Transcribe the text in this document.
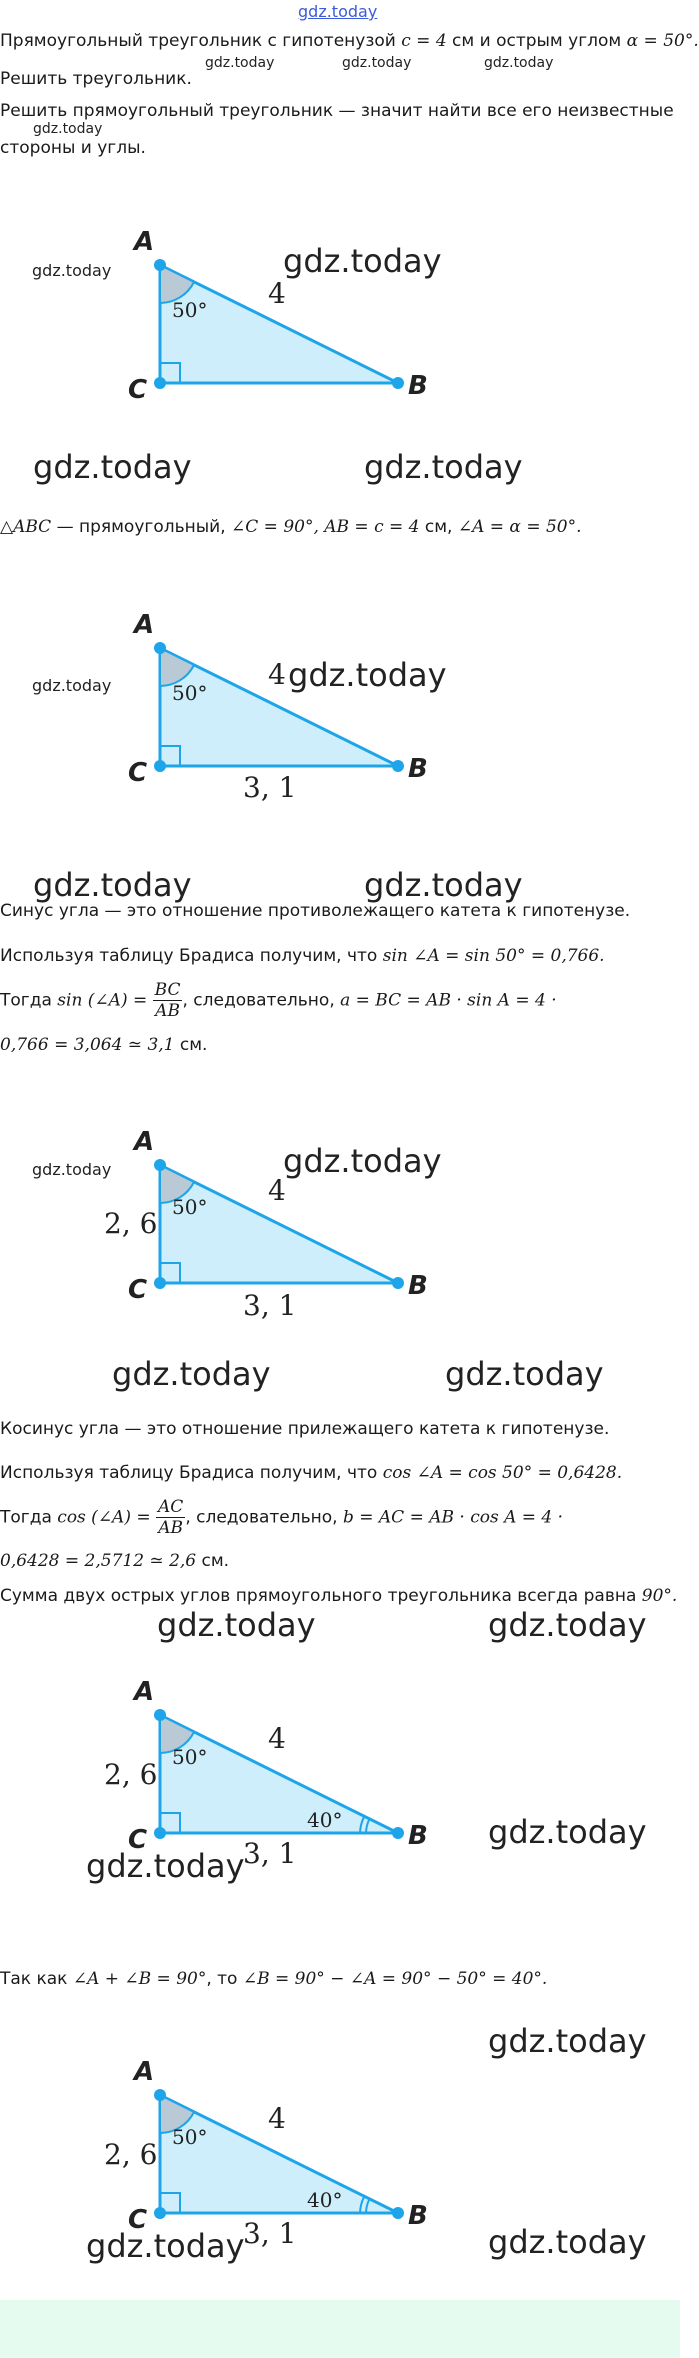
gdz.today
Прямоугольный треугольник с гипотенузой c = 4 см и острым углом α = 50°.
gdz.today	gdz.today	gdz.today
Решить треугольник.
Решить прямоугольный треугольник — значит найти все его неизвестные
gdz.today
стороны и углы.
A
C	B
4
50°
gdz.today	gdz.today
gdz.today	gdz.today
△ABC — прямоугольный, ∠C = 90°, AB = c = 4 см, ∠A = α = 50°.
A
C	B
4
50°
3, 1
gdz.today	gdz.today
gdz.today	gdz.today
Синус угла — это отношение противолежащего катета к гипотенузе.
Используя таблицу Брадиса получим, что sin ∠A = sin 50° = 0,766.
Тогда sin (∠A) = $\frac{BC}{AB}$ , следовательно, a = BC = AB · sin A = 4 ·
0,766 = 3,064 ≃ 3,1 см.
A
C	B
4
50°
3, 1
2, 6
gdz.today	gdz.today
gdz.today	gdz.today
Косинус угла — это отношение прилежащего катета к гипотенузе.
Используя таблицу Брадиса получим, что cos ∠A = cos 50° = 0,6428.
Тогда cos (∠A) = $\frac{AC}{AB}$ , следовательно, b = AC = AB · cos A = 4 ·
0,6428 = 2,5712 ≃ 2,6 см.
Сумма двух острых углов прямоугольного треугольника всегда равна 90°.
gdz.today	gdz.today
A
C	B
4
50°
40°
3, 1
2, 6
gdz.today
gdz.today
Так как ∠A + ∠B = 90°, то ∠B = 90° − ∠A = 90° − 50° = 40°.
gdz.today
A
C	B
4
50°
40°
3, 1
2, 6
gdz.today	gdz.today
